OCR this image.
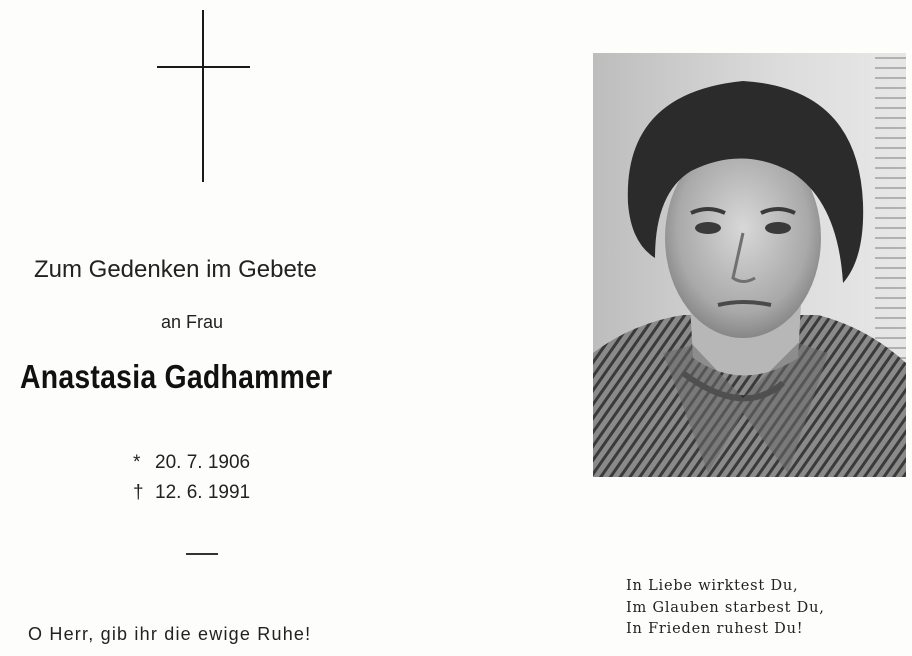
Zum Gedenken im Gebete
an Frau
Anastasia Gadhammer
* 20. 7. 1906
† 12. 6. 1991
O Herr, gib ihr die ewige Ruhe!
In Liebe wirktest Du,
Im Glauben starbest Du,
In Frieden ruhest Du!
